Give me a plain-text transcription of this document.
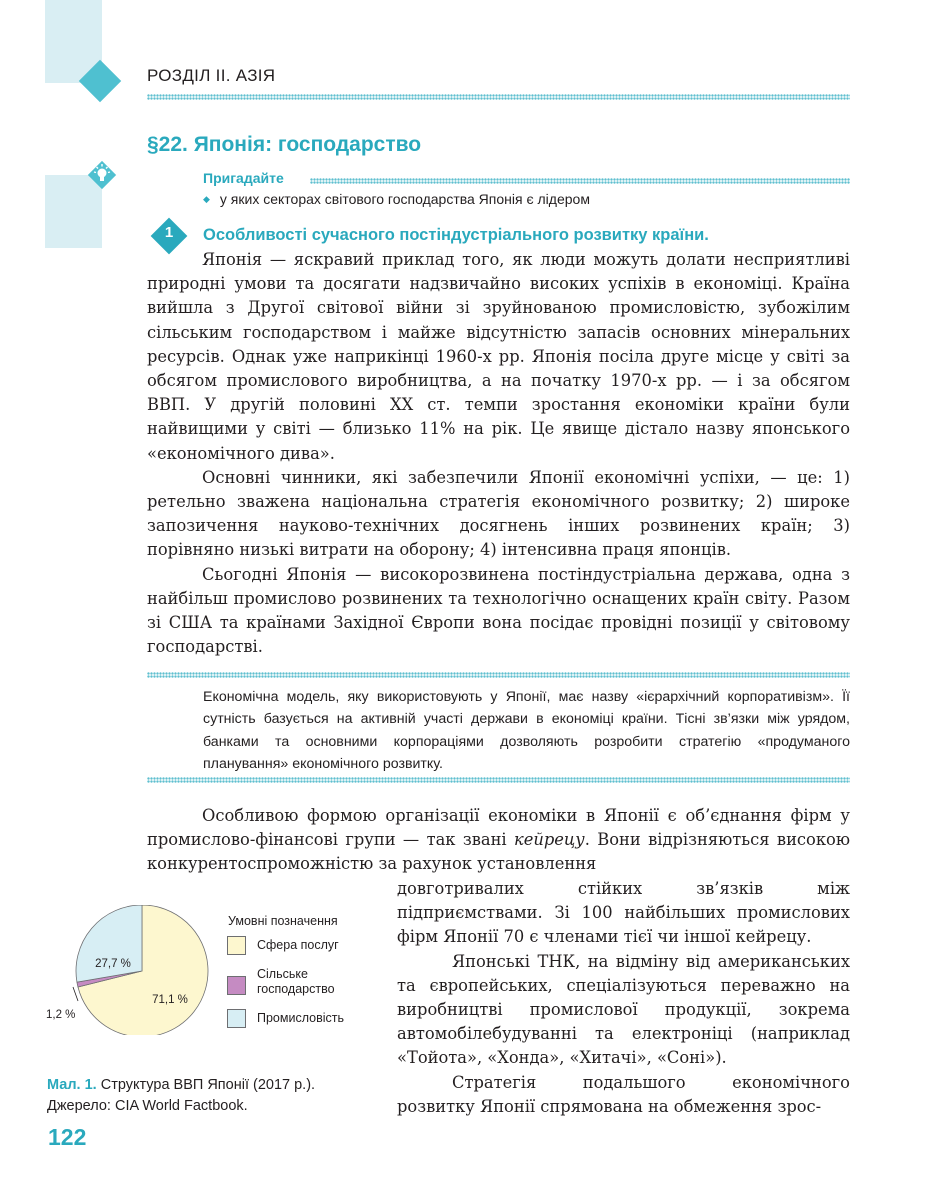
РОЗДІЛ ІІ. АЗІЯ
§22. Японія: господарство
Пригадайте
◆ у яких секторах світового господарства Японія є лідером
1	Особливості сучасного постіндустріального розвитку країни.

Японія — яскравий приклад того, як люди можуть долати несприятливі природні умови та досягати надзвичайно високих успіхів в економіці. Країна вийшла з Другої світової війни зі зруйнованою промисловістю, зубожілим сільським господарством і майже відсутністю запасів основних мінеральних ресурсів. Однак уже наприкінці 1960-х рр. Японія посіла друге місце у світі за обсягом промислового виробництва, а на початку 1970-х рр. — і за обсягом ВВП. У другій половині ХХ ст. темпи зростання економіки країни були найвищими у світі — близько 11% на рік. Це явище дістало назву японського «економічного дива».

Основні чинники, які забезпечили Японії економічні успіхи, — це: 1) ретельно зважена національна стратегія економічного розвитку; 2) широке запозичення науково-технічних досягнень інших розвинених країн; 3) порівняно низькі витрати на оборону; 4) інтенсивна праця японців.

Сьогодні Японія — високорозвинена постіндустріальна держава, одна з найбільш промислово розвинених та технологічно оснащених країн світу. Разом зі США та країнами Західної Європи вона посідає провідні позиції у світовому господарстві.

Економічна модель, яку використовують у Японії, має назву «ієрархічний корпоративізм». Її сутність базується на активній участі держави в економіці країни. Тісні зв’язки між урядом, банками та основними корпораціями дозволяють розробити стратегію «продуманого планування» економічного розвитку.

Особливою формою організації економіки в Японії є об’єднання фірм у промислово-фінансові групи — так звані кейрецу. Вони відрізняються високою конкурентоспроможністю за рахунок установлення

довготривалих стійких зв’язків між підприємствами. Зі 100 найбільших промислових фірм Японії 70 є членами тієї чи іншої кейрецу.

Японські ТНК, на відміну від американських та європейських, спеціалізуються переважно на виробництві промислової продукції, зокрема автомобілебудуванні та електроніці (наприклад «Тойота», «Хонда», «Хитачі», «Соні»).

Стратегія подальшого економічного розвитку Японії спрямована на обмеження зрос-

71,1 %
27,7 %
1,2 %
Умовні позначення
Сфера послуг
Сільське
господарство
Промисловість
Мал. 1. Структура ВВП Японії (2017 р.).
Джерело: CIA World Factbook.
122
